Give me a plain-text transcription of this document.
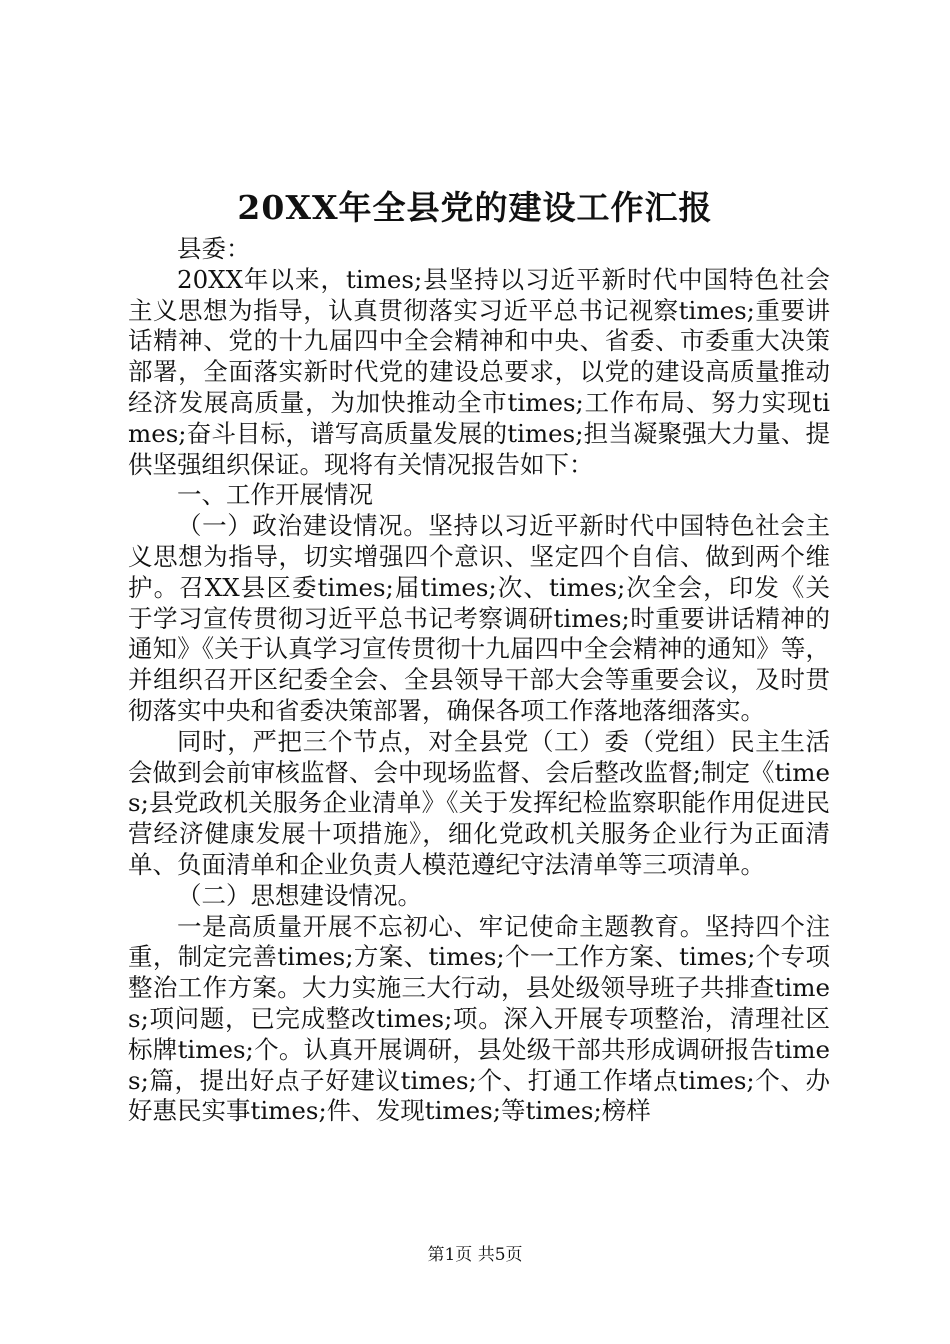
20XX年全县党的建设工作汇报

县委：

20XX年以来，times;县坚持以习近平新时代中国特色社会主义思想为指导，认真贯彻落实习近平总书记视察times;重要讲话精神、党的十九届四中全会精神和中央、省委、市委重大决策部署，全面落实新时代党的建设总要求，以党的建设高质量推动经济发展高质量，为加快推动全市times;工作布局、努力实现times;奋斗目标，谱写高质量发展的times;担当凝聚强大力量、提供坚强组织保证。现将有关情况报告如下：

一、工作开展情况

（一）政治建设情况。坚持以习近平新时代中国特色社会主义思想为指导，切实增强四个意识、坚定四个自信、做到两个维护。召XX县区委times;届times;次、times;次全会，印发《关于学习宣传贯彻习近平总书记考察调研times;时重要讲话精神的通知》《关于认真学习宣传贯彻十九届四中全会精神的通知》等，并组织召开区纪委全会、全县领导干部大会等重要会议，及时贯彻落实中央和省委决策部署，确保各项工作落地落细落实。

同时，严把三个节点，对全县党（工）委（党组）民主生活会做到会前审核监督、会中现场监督、会后整改监督;制定《times;县党政机关服务企业清单》《关于发挥纪检监察职能作用促进民营经济健康发展十项措施》，细化党政机关服务企业行为正面清单、负面清单和企业负责人模范遵纪守法清单等三项清单。

（二）思想建设情况。

一是高质量开展不忘初心、牢记使命主题教育。坚持四个注重，制定完善times;方案、times;个一工作方案、times;个专项整治工作方案。大力实施三大行动，县处级领导班子共排查times;项问题，已完成整改times;项。深入开展专项整治，清理社区标牌times;个。认真开展调研，县处级干部共形成调研报告times;篇，提出好点子好建议times;个、打通工作堵点times;个、办好惠民实事times;件、发现times;等times;榜样

第1页 共5页
